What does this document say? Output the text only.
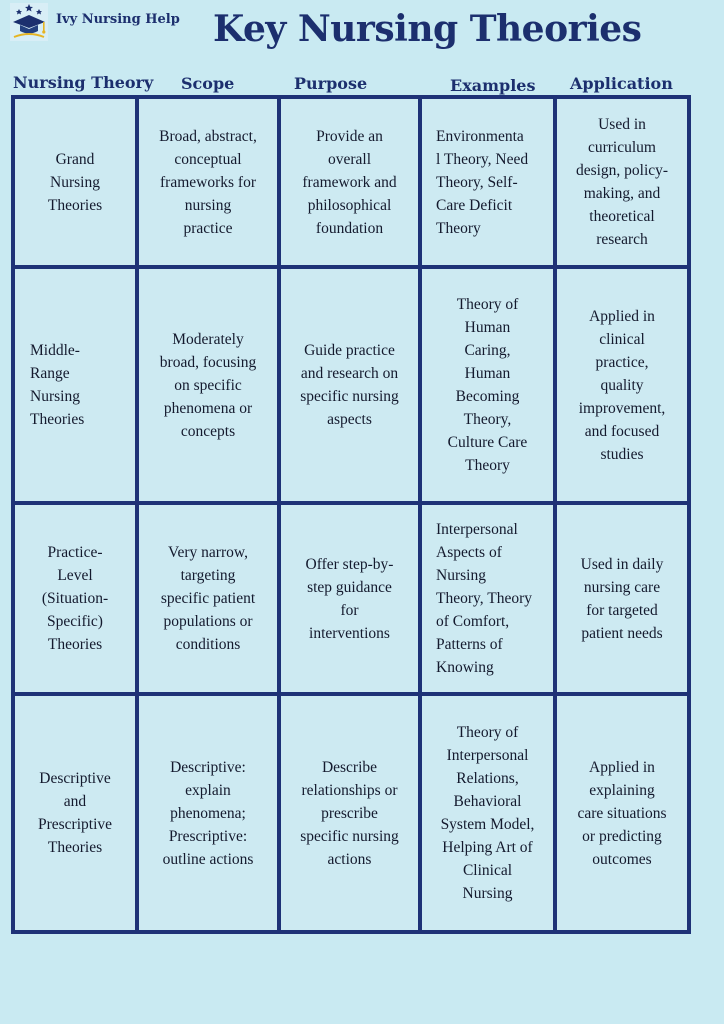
Ivy Nursing Help Key Nursing Theories
Nursing Theory Scope	Purpose	Examples Application
Grand
Nursing
Theories
Broad, abstract,
conceptual
frameworks for
nursing
practice
Provide an
overall
framework and
philosophical
foundation
Environmenta
l Theory, Need
Theory, Self-
Care Deficit
Theory
Used in
curriculum
design, policy-
making, and
theoretical
research
Middle-
Range
Nursing
Theories
Moderately
broad, focusing
on specific
phenomena or
concepts
Guide practice
and research on
specific nursing
aspects
Theory of
Human
Caring,
Human
Becoming
Theory,
Culture Care
Theory
Applied in
clinical
practice,
quality
improvement,
and focused
studies
Practice-
Level
(Situation-
Specific)
Theories
Very narrow,
targeting
specific patient
populations or
conditions
Offer step-by-
step guidance
for
interventions
Interpersonal
Aspects of
Nursing
Theory, Theory
of Comfort,
Patterns of
Knowing
Used in daily
nursing care
for targeted
patient needs
Descriptive
and
Prescriptive
Theories
Descriptive:
explain
phenomena;
Prescriptive:
outline actions
Describe
relationships or
prescribe
specific nursing
actions
Theory of
Interpersonal
Relations,
Behavioral
System Model,
Helping Art of
Clinical
Nursing
Applied in
explaining
care situations
or predicting
outcomes
